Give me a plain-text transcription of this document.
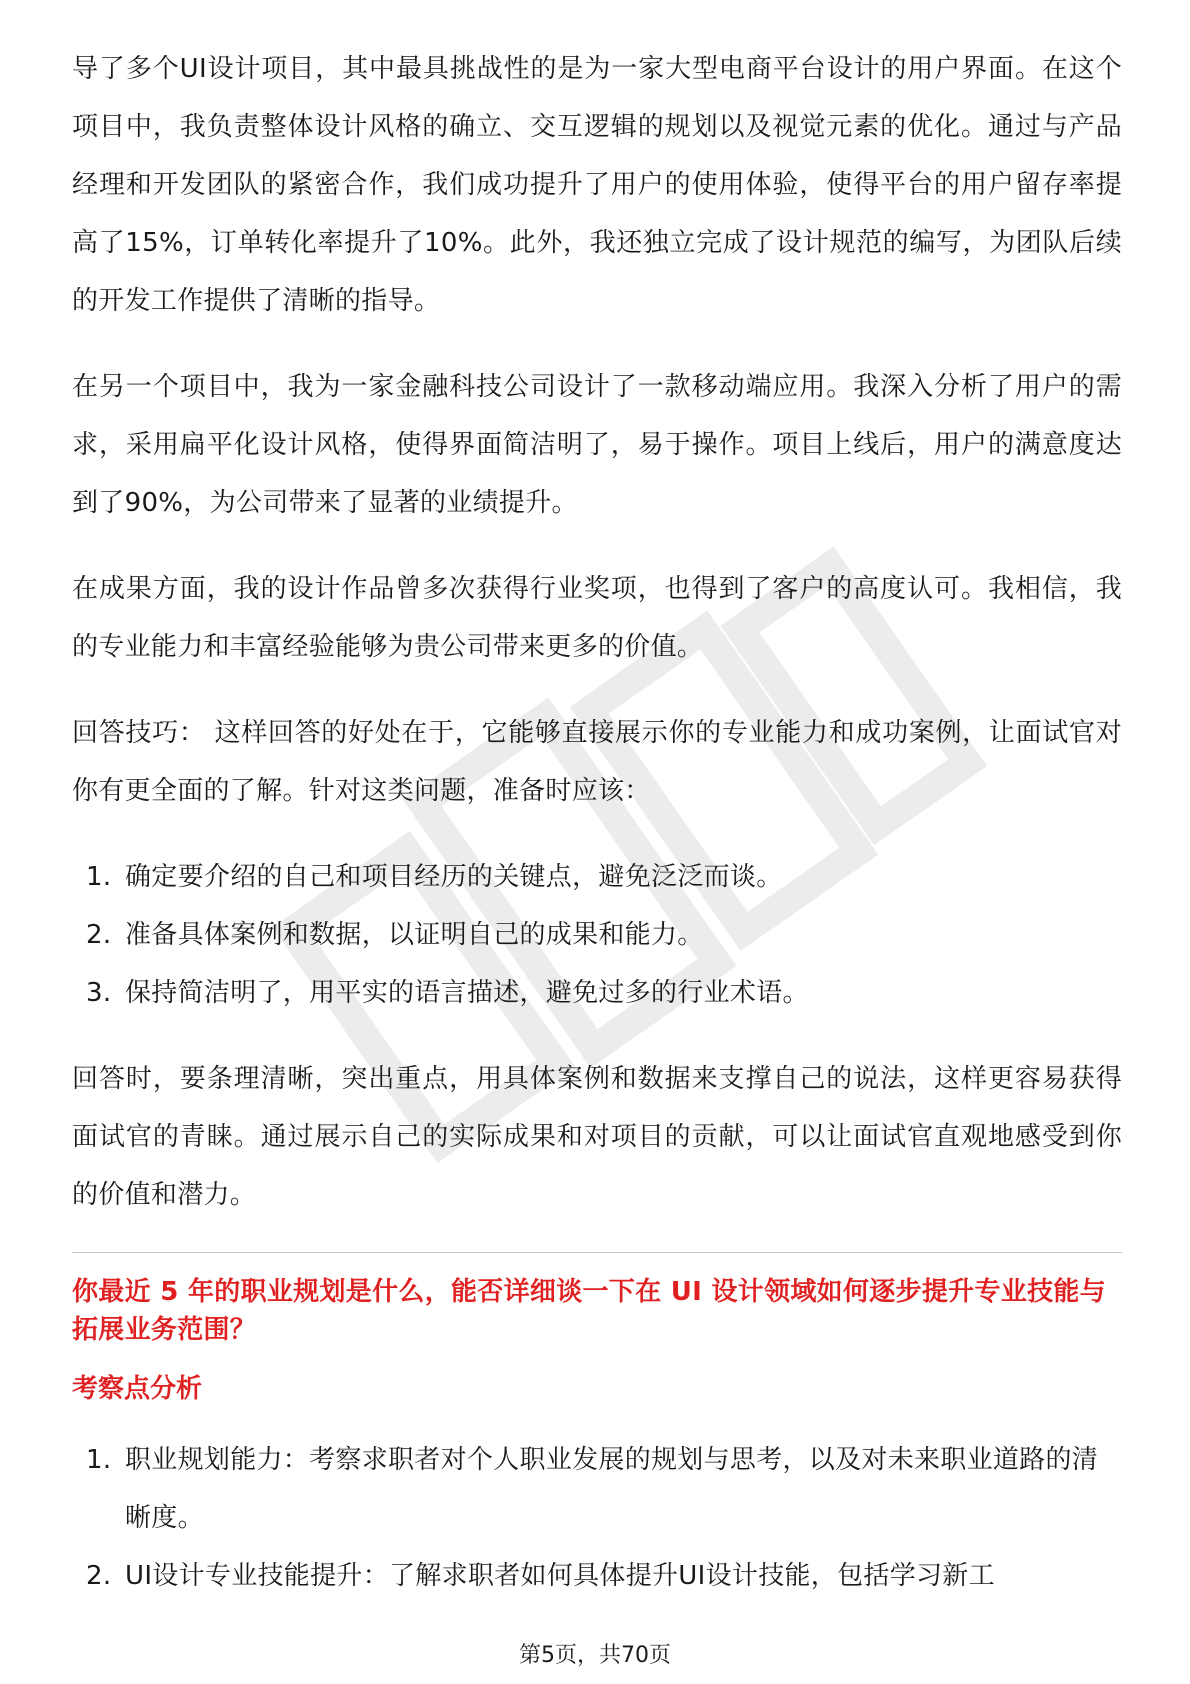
导了多个UI设计项目，其中最具挑战性的是为一家大型电商平台设计的用户界面。在这个项目中，我负责整体设计风格的确立、交互逻辑的规划以及视觉元素的优化。通过与产品经理和开发团队的紧密合作，我们成功提升了用户的使用体验，使得平台的用户留存率提高了15%，订单转化率提升了10%。此外，我还独立完成了设计规范的编写，为团队后续的开发工作提供了清晰的指导。

在另一个项目中，我为一家金融科技公司设计了一款移动端应用。我深入分析了用户的需求，采用扁平化设计风格，使得界面简洁明了，易于操作。项目上线后，用户的满意度达到了90%，为公司带来了显著的业绩提升。

在成果方面，我的设计作品曾多次获得行业奖项，也得到了客户的高度认可。我相信，我的专业能力和丰富经验能够为贵公司带来更多的价值。

回答技巧： 这样回答的好处在于，它能够直接展示你的专业能力和成功案例，让面试官对你有更全面的了解。针对这类问题，准备时应该：

1. 确定要介绍的自己和项目经历的关键点，避免泛泛而谈。
2. 准备具体案例和数据，以证明自己的成果和能力。
3. 保持简洁明了，用平实的语言描述，避免过多的行业术语。

回答时，要条理清晰，突出重点，用具体案例和数据来支撑自己的说法，这样更容易获得面试官的青睐。通过展示自己的实际成果和对项目的贡献，可以让面试官直观地感受到你的价值和潜力。

你最近 5 年的职业规划是什么，能否详细谈一下在 UI 设计领域如何逐步提升专业技能与拓展业务范围？
考察点分析
1. 职业规划能力：考察求职者对个人职业发展的规划与思考，以及对未来职业道路的清晰度。
2. UI设计专业技能提升：了解求职者如何具体提升UI设计技能，包括学习新工
第5页，共70页
